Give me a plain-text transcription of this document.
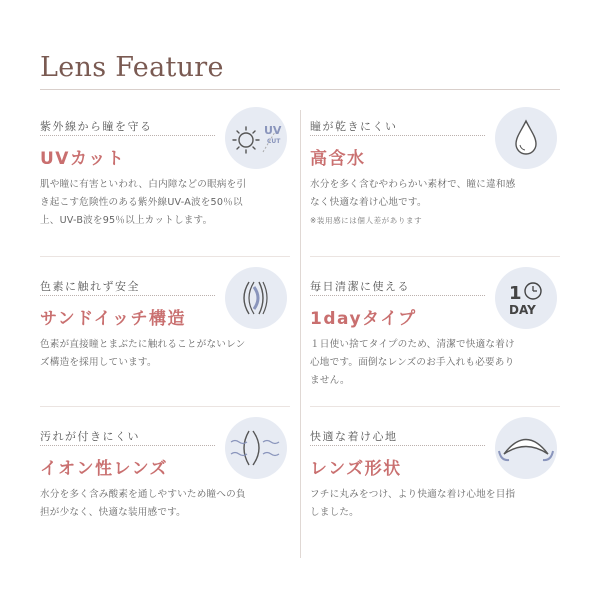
Lens Feature
紫外線から瞳を守る
UVカット
肌や瞳に有害といわれ、白内障などの眼病を引き起こす危険性のある紫外線UV-A波を50％以上、UV-B波を95％以上カットします。
UV
CUT
瞳が乾きにくい
高含水
水分を多く含むやわらかい素材で、瞳に違和感なく快適な着け心地です。
※装用感には個人差があります
色素に触れず安全
サンドイッチ構造
色素が直接瞳とまぶたに触れることがないレンズ構造を採用しています。
毎日清潔に使える
1dayタイプ
１日使い捨てタイプのため、清潔で快適な着け心地です。面倒なレンズのお手入れも必要ありません。
1
DAY
汚れが付きにくい
イオン性レンズ
水分を多く含み酸素を通しやすいため瞳への負担が少なく、快適な装用感です。
快適な着け心地
レンズ形状
フチに丸みをつけ、より快適な着け心地を目指しました。
